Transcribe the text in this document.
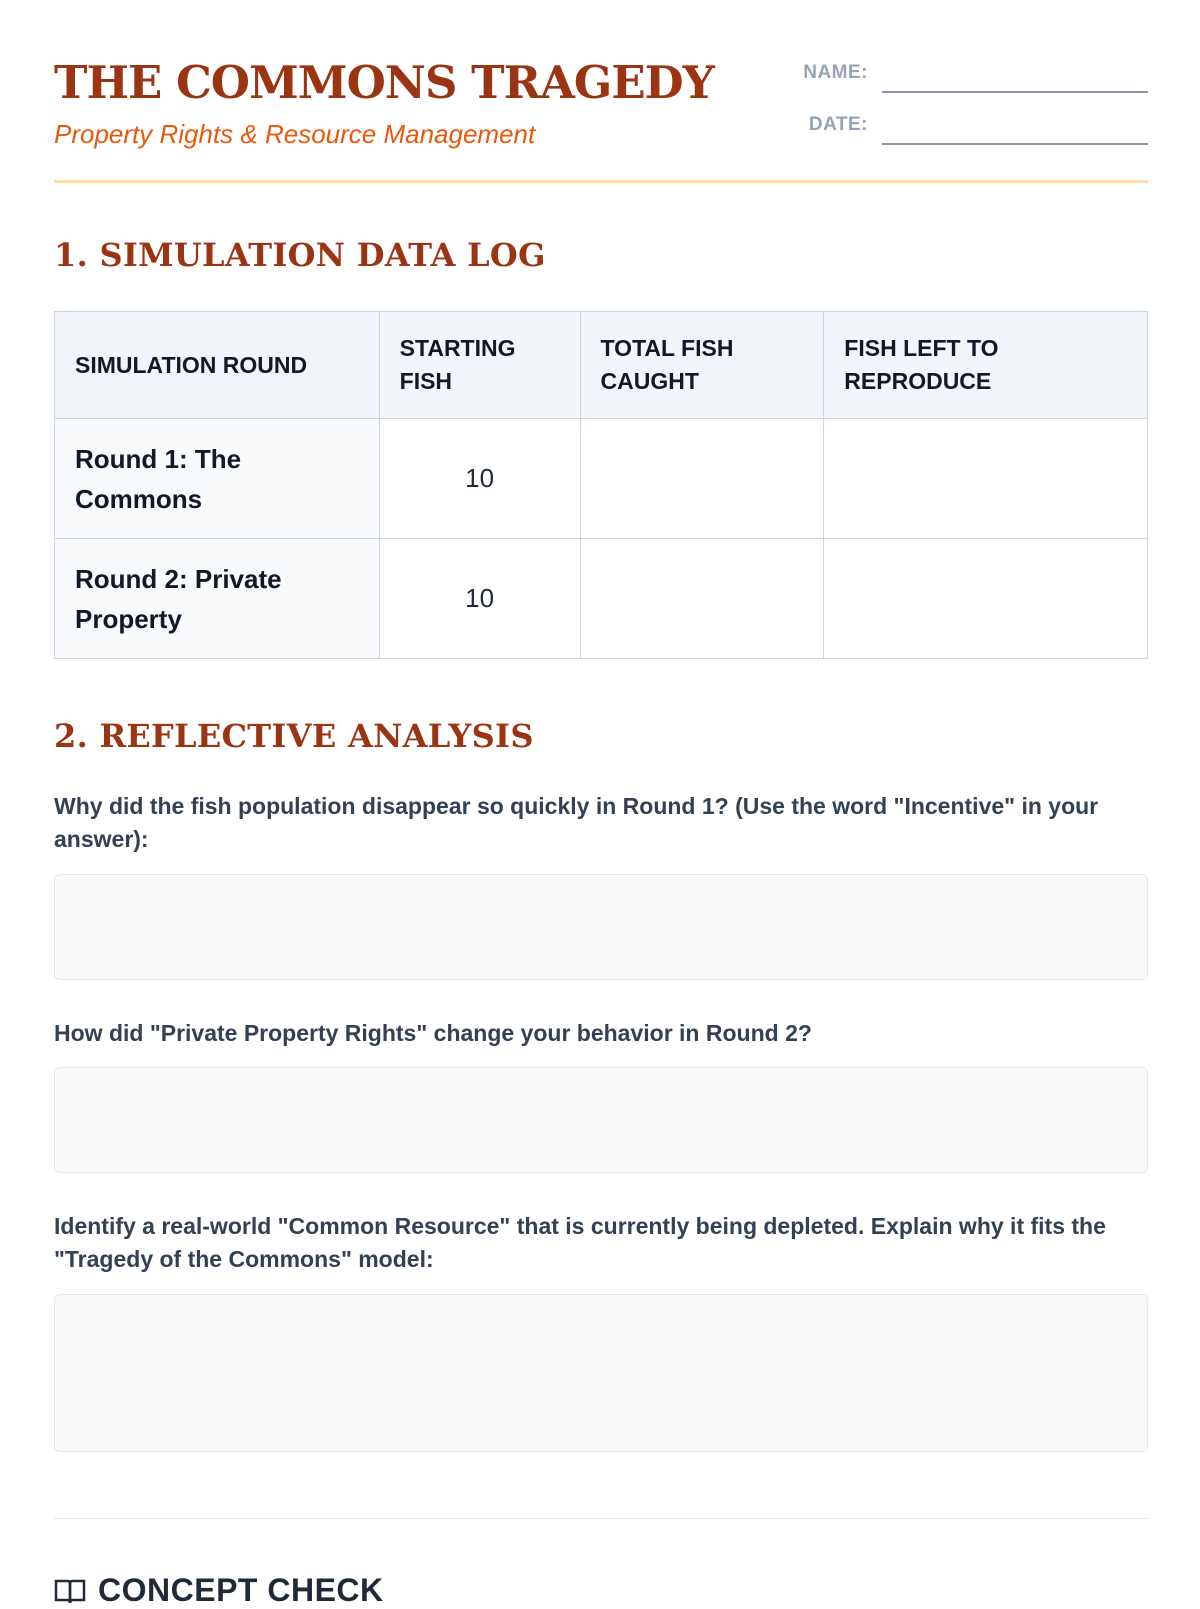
THE COMMONS TRAGEDY
Property Rights & Resource Management
NAME:
DATE:
1. SIMULATION DATA LOG
SIMULATION ROUND	STARTING FISH	TOTAL FISH CAUGHT	FISH LEFT TO REPRODUCE
Round 1: The Commons	10		
Round 2: Private Property	10		
2. REFLECTIVE ANALYSIS
Why did the fish population disappear so quickly in Round 1? (Use the word "Incentive" in your answer):
How did "Private Property Rights" change your behavior in Round 2?
Identify a real-world "Common Resource" that is currently being depleted. Explain why it fits the "Tragedy of the Commons" model:
CONCEPT CHECK
